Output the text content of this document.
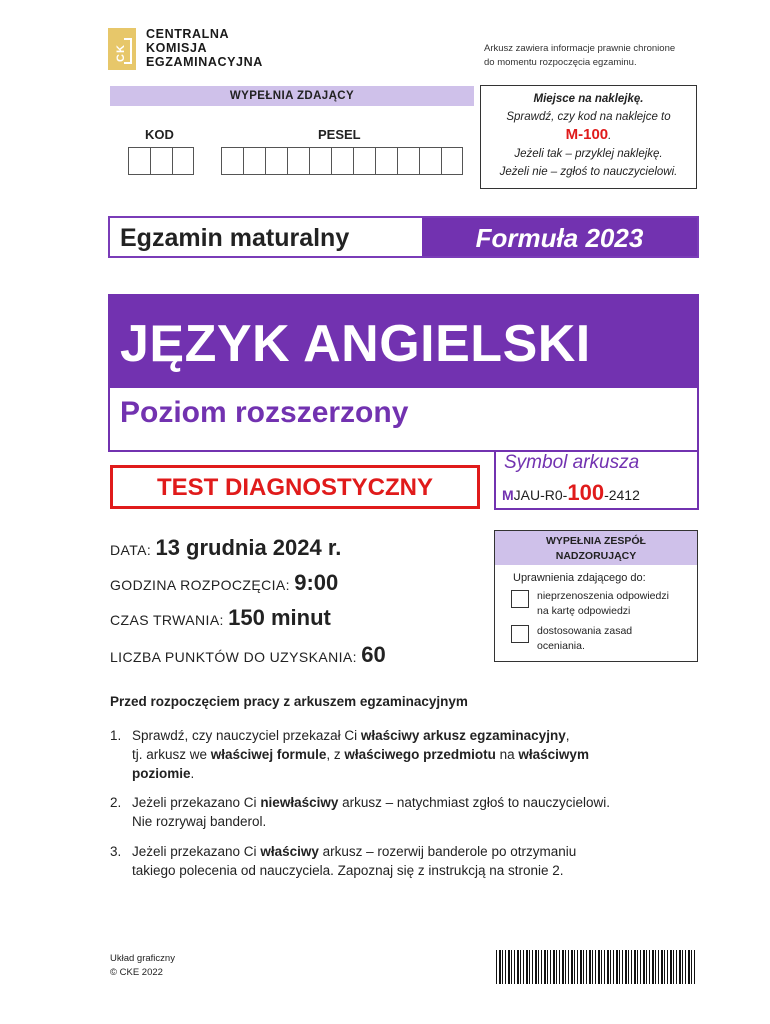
CK
CENTRALNA
KOMISJA
EGZAMINACYJNA
Arkusz zawiera informacje prawnie chronione
do momentu rozpoczęcia egzaminu.
WYPEŁNIA ZDAJĄCY
KOD	PESEL
Miejsce na naklejkę.
Sprawdź, czy kod na naklejce to
M-100.
Jeżeli tak – przyklej naklejkę.
Jeżeli nie – zgłoś to nauczycielowi.
Egzamin maturalny	Formuła 2023
JĘZYK ANGIELSKI
Poziom rozszerzony
TEST DIAGNOSTYCZNY
Symbol arkusza
MJAU-R0-100-2412
DATA: 13 grudnia 2024 r.
GODZINA ROZPOCZĘCIA: 9:00
CZAS TRWANIA: 150 minut
LICZBA PUNKTÓW DO UZYSKANIA: 60
WYPEŁNIA ZESPÓŁ
NADZORUJĄCY
Uprawnienia zdającego do:
nieprzenoszenia odpowiedzi
na kartę odpowiedzi
dostosowania zasad
oceniania.
Przed rozpoczęciem pracy z arkuszem egzaminacyjnym
1. Sprawdź, czy nauczyciel przekazał Ci właściwy arkusz egzaminacyjny,
tj. arkusz we właściwej formule, z właściwego przedmiotu na właściwym
poziomie.
2. Jeżeli przekazano Ci niewłaściwy arkusz – natychmiast zgłoś to nauczycielowi.
Nie rozrywaj banderol.
3. Jeżeli przekazano Ci właściwy arkusz – rozerwij banderole po otrzymaniu
takiego polecenia od nauczyciela. Zapoznaj się z instrukcją na stronie 2.
Układ graficzny
© CKE 2022
